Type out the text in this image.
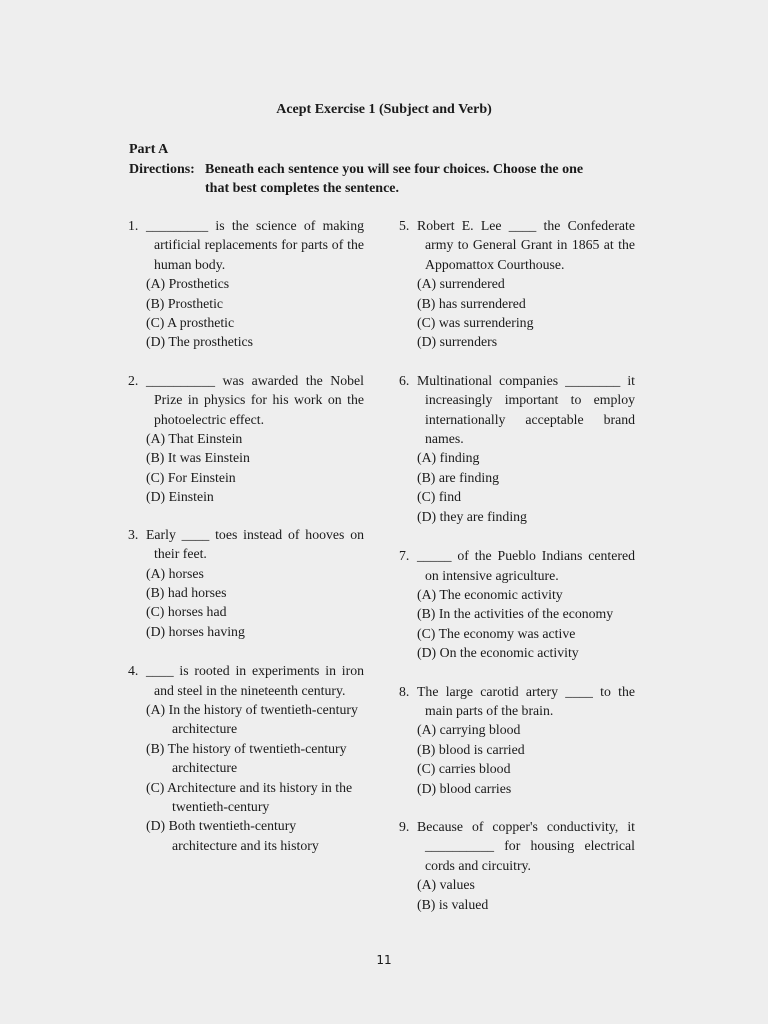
Acept Exercise 1 (Subject and Verb)
Part A
Directions: Beneath each sentence you will see four choices. Choose the one
that best completes the sentence.
1. _________ is the science of making artificial replacements for parts of the human body.
(A) Prosthetics
(B) Prosthetic
(C) A prosthetic
(D) The prosthetics
2. __________ was awarded the Nobel Prize in physics for his work on the photoelectric effect.
(A) That Einstein
(B) It was Einstein
(C) For Einstein
(D) Einstein
3. Early ____ toes instead of hooves on their feet.
(A) horses
(B) had horses
(C) horses had
(D) horses having
4. ____ is rooted in experiments in iron and steel in the nineteenth century.
(A) In the history of twentieth-century architecture
(B) The history of twentieth-century architecture
(C) Architecture and its history in the twentieth-century
(D) Both twentieth-century architecture and its history
5. Robert E. Lee ____ the Confederate army to General Grant in 1865 at the Appomattox Courthouse.
(A) surrendered
(B) has surrendered
(C) was surrendering
(D) surrenders
6. Multinational companies ________ it increasingly important to employ internationally acceptable brand names.
(A) finding
(B) are finding
(C) find
(D) they are finding
7. _____ of the Pueblo Indians centered on intensive agriculture.
(A) The economic activity
(B) In the activities of the economy
(C) The economy was active
(D) On the economic activity
8. The large carotid artery ____ to the main parts of the brain.
(A) carrying blood
(B) blood is carried
(C) carries blood
(D) blood carries
9. Because of copper's conductivity, it __________ for housing electrical cords and circuitry.
(A) values
(B) is valued
11
